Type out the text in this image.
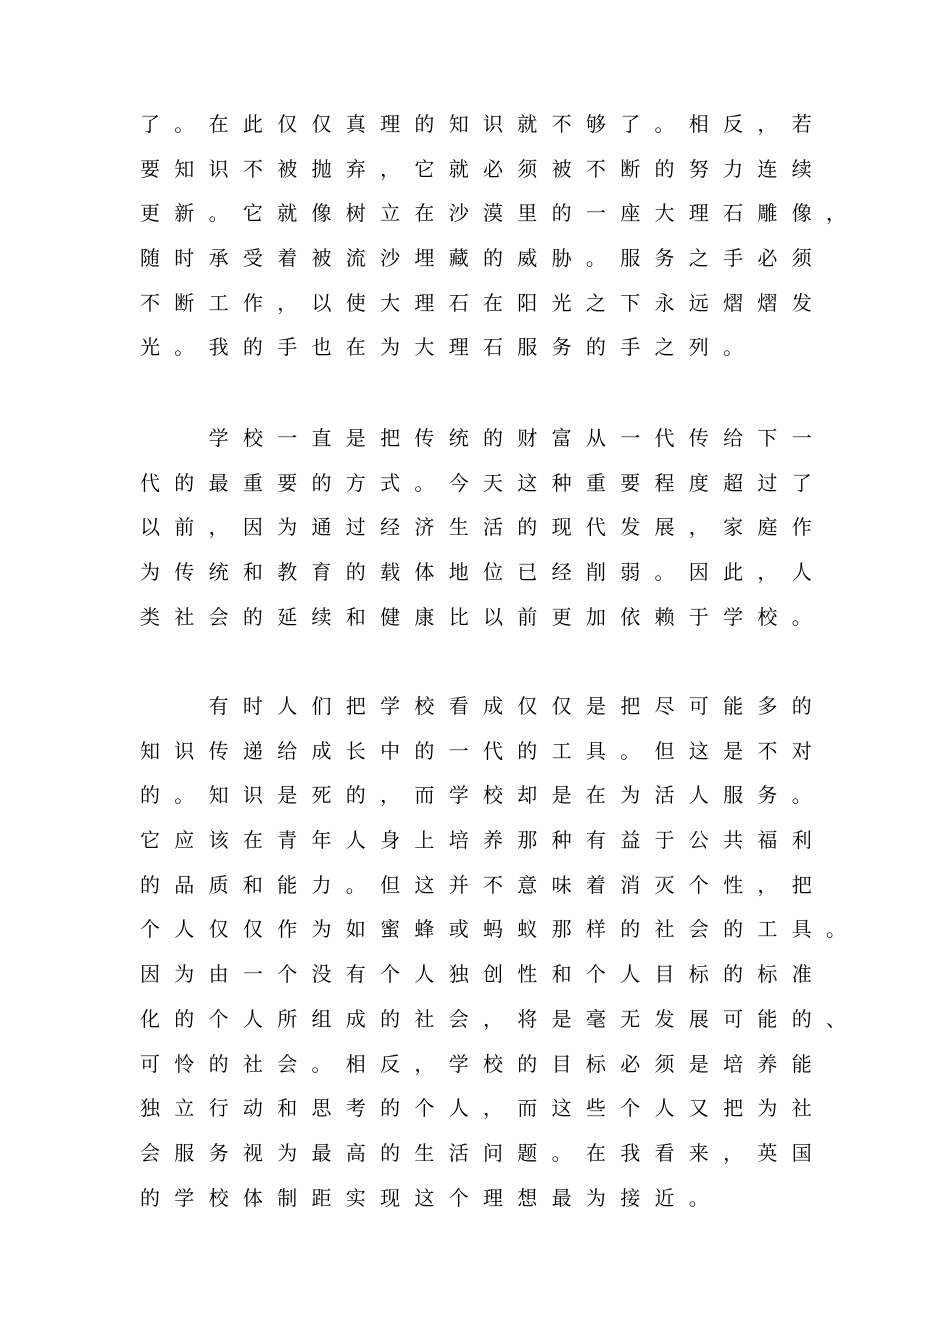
了。在此仅仅真理的知识就不够了。相反，若
要知识不被抛弃，它就必须被不断的努力连续
更新。它就像树立在沙漠里的一座大理石雕像，
随时承受着被流沙埋藏的威胁。服务之手必须
不断工作，以使大理石在阳光之下永远熠熠发
光。我的手也在为大理石服务的手之列。
　　学校一直是把传统的财富从一代传给下一
代的最重要的方式。今天这种重要程度超过了
以前，因为通过经济生活的现代发展，家庭作
为传统和教育的载体地位已经削弱。因此，人
类社会的延续和健康比以前更加依赖于学校。
　　有时人们把学校看成仅仅是把尽可能多的
知识传递给成长中的一代的工具。但这是不对
的。知识是死的，而学校却是在为活人服务。
它应该在青年人身上培养那种有益于公共福利
的品质和能力。但这并不意味着消灭个性，把
个人仅仅作为如蜜蜂或蚂蚁那样的社会的工具。
因为由一个没有个人独创性和个人目标的标准
化的个人所组成的社会，将是毫无发展可能的、
可怜的社会。相反，学校的目标必须是培养能
独立行动和思考的个人，而这些个人又把为社
会服务视为最高的生活问题。在我看来，英国
的学校体制距实现这个理想最为接近。
